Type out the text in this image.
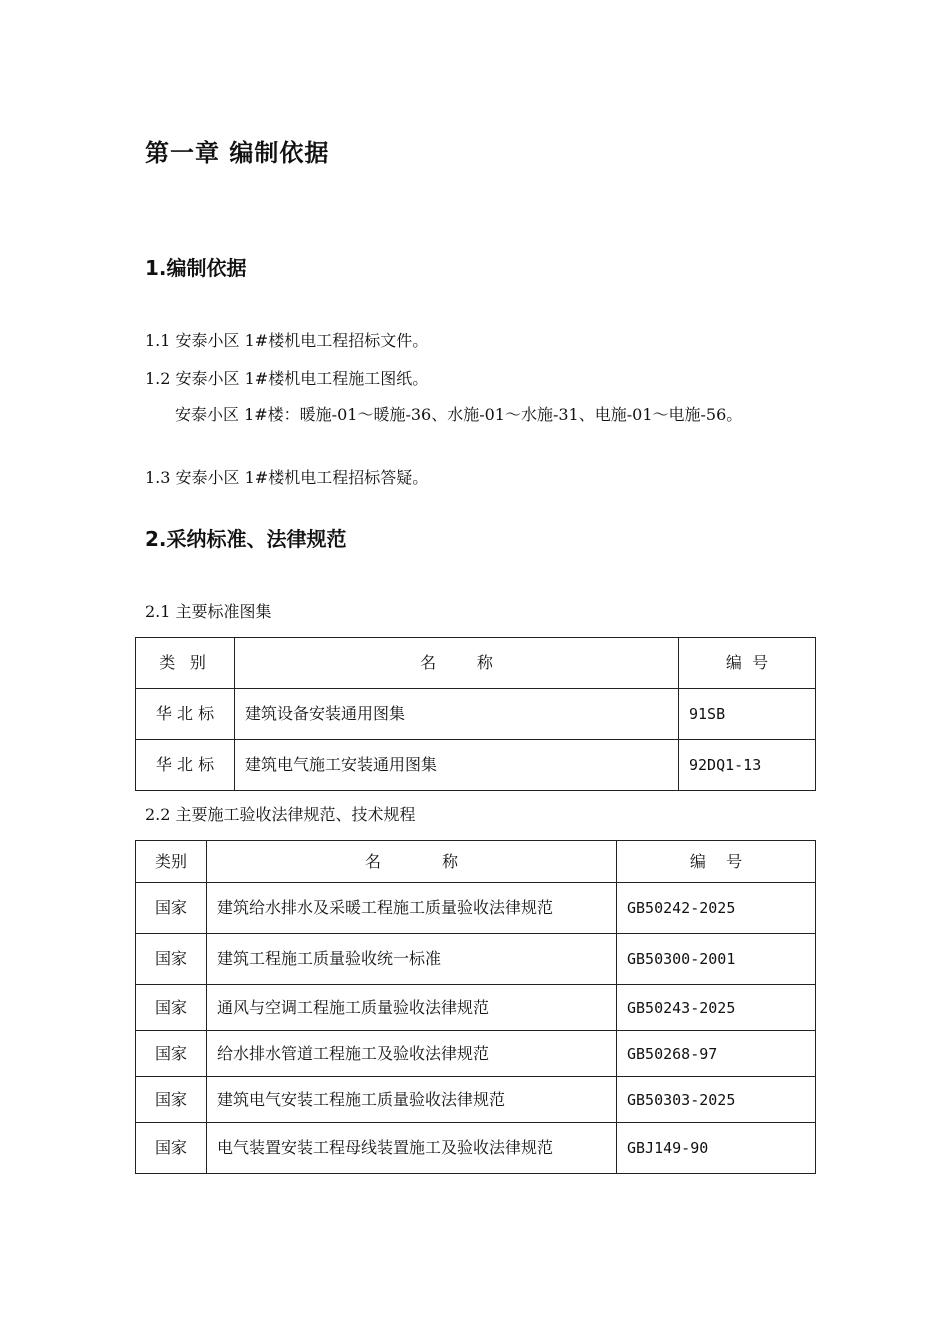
第一章 编制依据
1.编制依据

1.1 安泰小区 1#楼机电工程招标文件。

1.2 安泰小区 1#楼机电工程施工图纸。

安泰小区 1#楼：暖施-01～暖施-36、水施-01～水施-31、电施-01～电施-56。

1.3 安泰小区 1#楼机电工程招标答疑。

2.采纳标准、法律规范

2.1 主要标准图集

类 别	名        称	编  号
华 北 标	建筑设备安装通用图集	91SB
华 北 标	建筑电气施工安装通用图集	92DQ1-13

2.2 主要施工验收法律规范、技术规程

类别	名            称	编    号
国家	建筑给水排水及采暖工程施工质量验收法律规范	GB50242-2025
国家	建筑工程施工质量验收统一标准	GB50300-2001
国家	通风与空调工程施工质量验收法律规范	GB50243-2025
国家	给水排水管道工程施工及验收法律规范	GB50268-97
国家	建筑电气安装工程施工质量验收法律规范	GB50303-2025
国家	电气装置安装工程母线装置施工及验收法律规范	GBJ149-90
